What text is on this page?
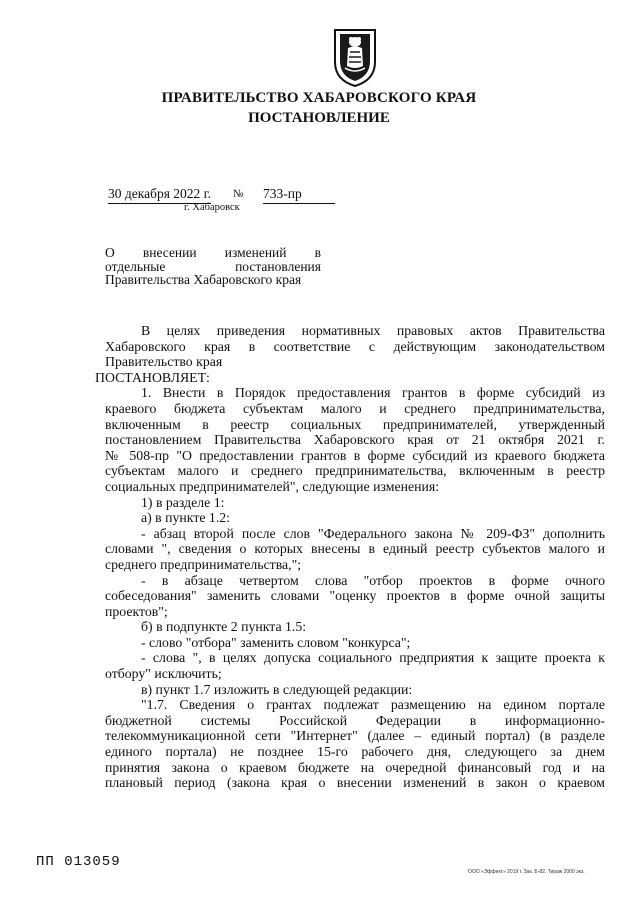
ПРАВИТЕЛЬСТВО ХАБАРОВСКОГО КРАЯ
ПОСТАНОВЛЕНИЕ
30 декабря 2022 г. № 733-пр
г. Хабаровск
О внесении изменений в
отдельные постановления
Правительства Хабаровского края
В целях приведения нормативных правовых актов Правительства
Хабаровского края в соответствие с действующим законодательством
Правительство края
ПОСТАНОВЛЯЕТ:
1. Внести в Порядок предоставления грантов в форме субсидий из
краевого бюджета субъектам малого и среднего предпринимательства,
включенным в реестр социальных предпринимателей, утвержденный
постановлением Правительства Хабаровского края от 21 октября 2021 г.
№ 508-пр "О предоставлении грантов в форме субсидий из краевого бюджета
субъектам малого и среднего предпринимательства, включенным в реестр
социальных предпринимателей", следующие изменения:
1) в разделе 1:
а) в пункте 1.2:
- абзац второй после слов "Федерального закона № 209-ФЗ" дополнить
словами ", сведения о которых внесены в единый реестр субъектов малого и
среднего предпринимательства,";
- в абзаце четвертом слова "отбор проектов в форме очного
собеседования" заменить словами "оценку проектов в форме очной защиты
проектов";
б) в подпункте 2 пункта 1.5:
- слово "отбора" заменить словом "конкурса";
- слова ", в целях допуска социального предприятия к защите проекта к
отбору" исключить;
в) пункт 1.7 изложить в следующей редакции:
"1.7. Сведения о грантах подлежат размещению на едином портале
бюджетной системы Российской Федерации в информационно-
телекоммуникационной сети "Интернет" (далее – единый портал) (в разделе
единого портала) не позднее 15-го рабочего дня, следующего за днем
принятия закона о краевом бюджете на очередной финансовый год и на
плановый период (закона края о внесении изменений в закон о краевом
ПП 013059
ООО «Эффект» 2019 г. Зак. Б-82. Тираж 2000 экз.
